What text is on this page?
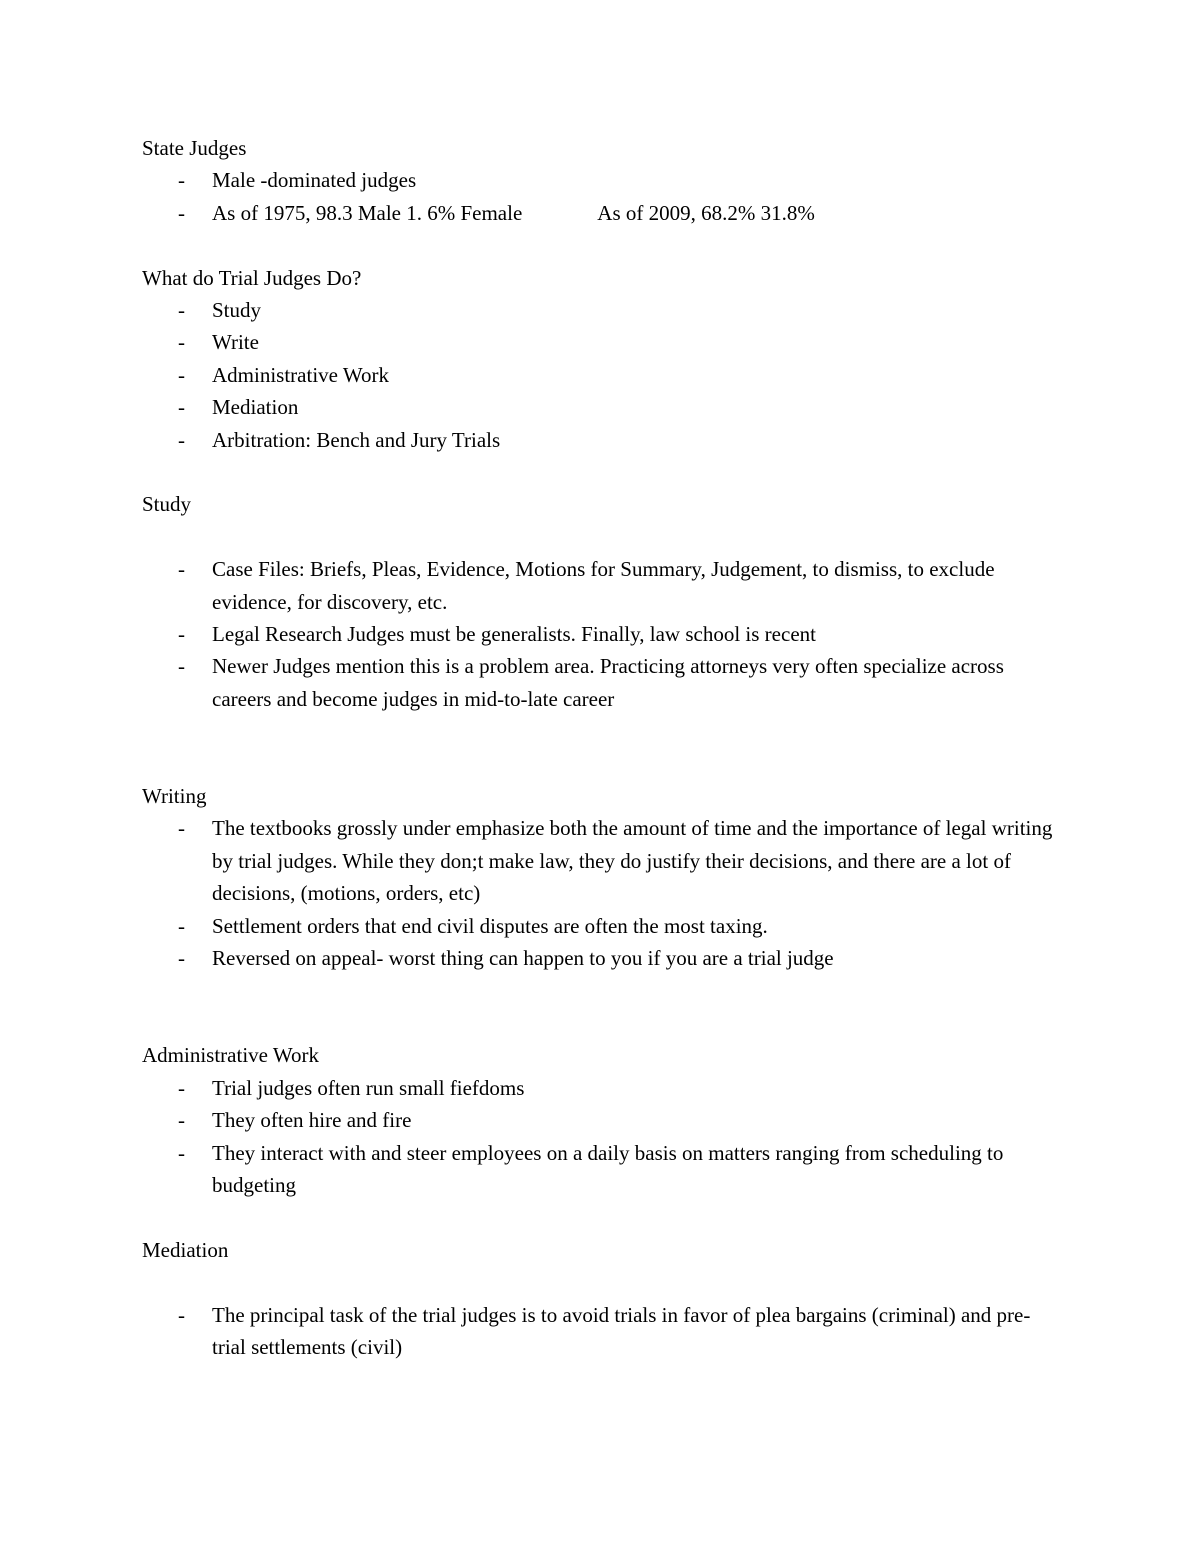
State Judges
-	Male -dominated judges
-	As of 1975, 98.3 Male 1. 6% Female	As of 2009, 68.2% 31.8%
What do Trial Judges Do?
-	Study
-	Write
-	Administrative Work
-	Mediation
-	Arbitration: Bench and Jury Trials
Study
-	Case Files: Briefs, Pleas, Evidence, Motions for Summary, Judgement, to dismiss, to exclude evidence, for discovery, etc.
-	Legal Research Judges must be generalists. Finally, law school is recent
-	Newer Judges mention this is a problem area. Practicing attorneys very often specialize across careers and become judges in mid-to-late career
Writing
-	The textbooks grossly under emphasize both the amount of time and the importance of legal writing by trial judges. While they don;t make law, they do justify their decisions, and there are a lot of decisions, (motions, orders, etc)
-	Settlement orders that end civil disputes are often the most taxing.
-	Reversed on appeal- worst thing can happen to you if you are a trial judge
Administrative Work
-	Trial judges often run small fiefdoms
-	They often hire and fire
-	They interact with and steer employees on a daily basis on matters ranging from scheduling to budgeting
Mediation
-	The principal task of the trial judges is to avoid trials in favor of plea bargains (criminal) and pre-trial settlements (civil)
